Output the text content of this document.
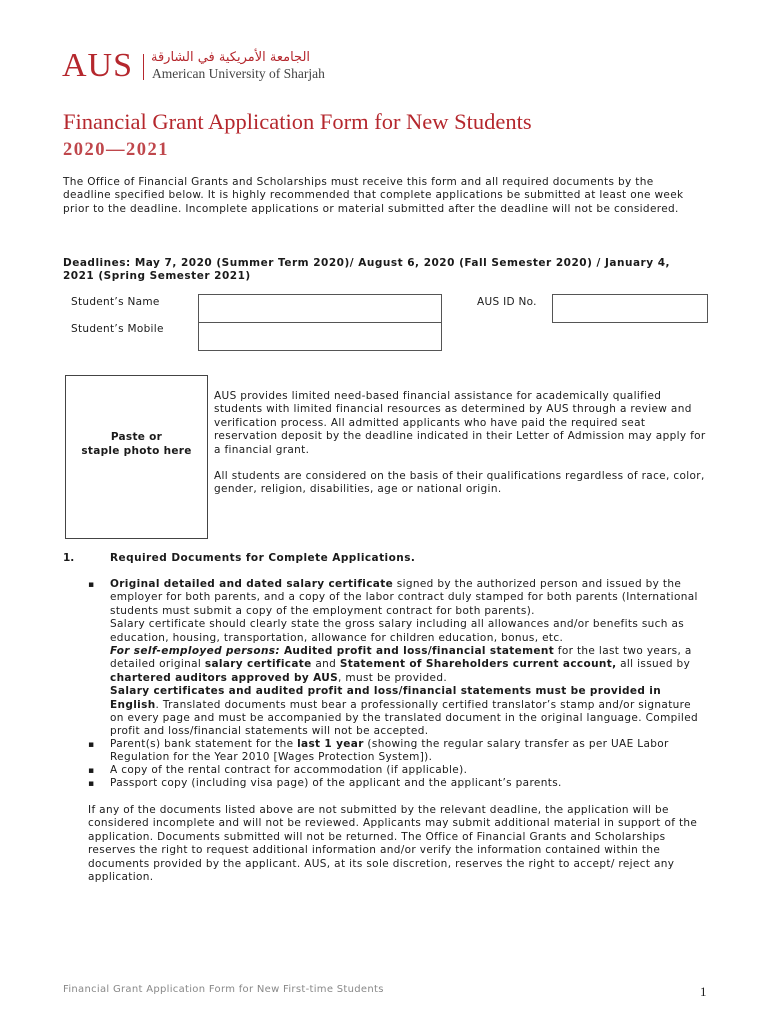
AUS الجامعة الأمريكية في الشارقة
American University of Sharjah
Financial Grant Application Form for New Students
2020—2021
The Office of Financial Grants and Scholarships must receive this form and all required documents by the deadline specified below. It is highly recommended that complete applications be submitted at least one week prior to the deadline. Incomplete applications or material submitted after the deadline will not be considered.
Deadlines: May 7, 2020 (Summer Term 2020)/ August 6, 2020 (Fall Semester 2020) / January 4, 2021 (Spring Semester 2021)
Student’s Name	AUS ID No.
Student’s Mobile
Paste or
staple photo here
AUS provides limited need-based financial assistance for academically qualified students with limited financial resources as determined by AUS through a review and verification process. All admitted applicants who have paid the required seat reservation deposit by the deadline indicated in their Letter of Admission may apply for a financial grant.
All students are considered on the basis of their qualifications regardless of race, color, gender, religion, disabilities, age or national origin.
1.	Required Documents for Complete Applications.
▪
▪
▪
▪
Original detailed and dated salary certificate signed by the authorized person and issued by the employer for both parents, and a copy of the labor contract duly stamped for both parents (International students must submit a copy of the employment contract for both parents).
Salary certificate should clearly state the gross salary including all allowances and/or benefits such as education, housing, transportation, allowance for children education, bonus, etc.
For self-employed persons: Audited profit and loss/financial statement for the last two years, a detailed original salary certificate and Statement of Shareholders current account, all issued by chartered auditors approved by AUS, must be provided.
Salary certificates and audited profit and loss/financial statements must be provided in English. Translated documents must bear a professionally certified translator’s stamp and/or signature on every page and must be accompanied by the translated document in the original language. Compiled profit and loss/financial statements will not be accepted.
Parent(s) bank statement for the last 1 year (showing the regular salary transfer as per UAE Labor Regulation for the Year 2010 [Wages Protection System]).
A copy of the rental contract for accommodation (if applicable).
Passport copy (including visa page) of the applicant and the applicant’s parents.
If any of the documents listed above are not submitted by the relevant deadline, the application will be considered incomplete and will not be reviewed. Applicants may submit additional material in support of the application. Documents submitted will not be returned. The Office of Financial Grants and Scholarships reserves the right to request additional information and/or verify the information contained within the documents provided by the applicant. AUS, at its sole discretion, reserves the right to accept/ reject any application.
Financial Grant Application Form for New First-time Students	1
